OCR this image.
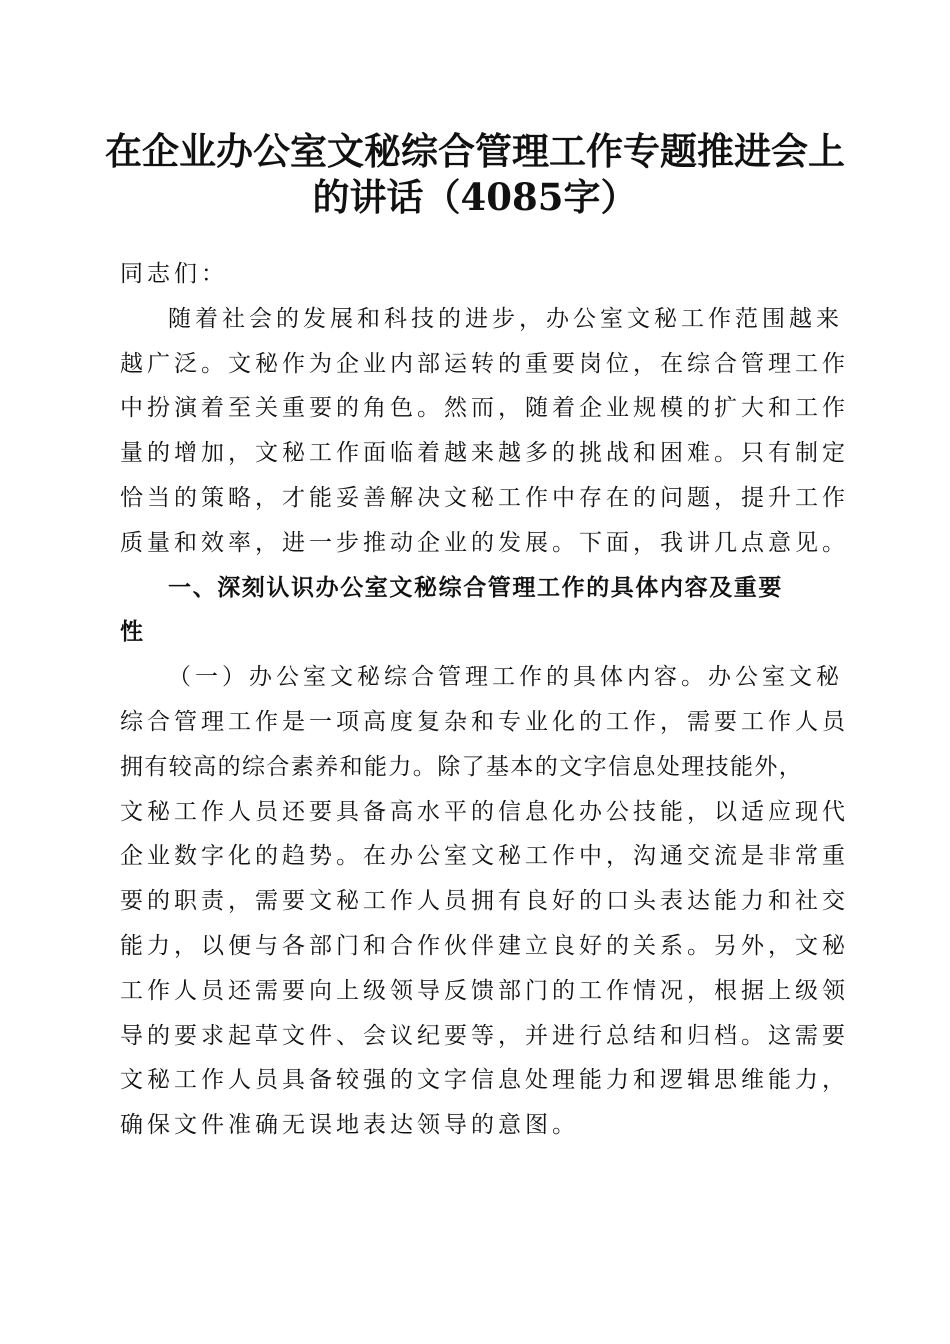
在企业办公室文秘综合管理工作专题推进会上
的讲话（4085字）
同志们：
随着社会的发展和科技的进步，办公室文秘工作范围越来
越广泛。文秘作为企业内部运转的重要岗位，在综合管理工作
中扮演着至关重要的角色。然而，随着企业规模的扩大和工作
量的增加，文秘工作面临着越来越多的挑战和困难。只有制定
恰当的策略，才能妥善解决文秘工作中存在的问题，提升工作
质量和效率，进一步推动企业的发展。下面，我讲几点意见。
一、深刻认识办公室文秘综合管理工作的具体内容及重要
性
（一）办公室文秘综合管理工作的具体内容。办公室文秘
综合管理工作是一项高度复杂和专业化的工作，需要工作人员
拥有较高的综合素养和能力。除了基本的文字信息处理技能外，
文秘工作人员还要具备高水平的信息化办公技能，以适应现代
企业数字化的趋势。在办公室文秘工作中，沟通交流是非常重
要的职责，需要文秘工作人员拥有良好的口头表达能力和社交
能力，以便与各部门和合作伙伴建立良好的关系。另外，文秘
工作人员还需要向上级领导反馈部门的工作情况，根据上级领
导的要求起草文件、会议纪要等，并进行总结和归档。这需要
文秘工作人员具备较强的文字信息处理能力和逻辑思维能力，
确保文件准确无误地表达领导的意图。
